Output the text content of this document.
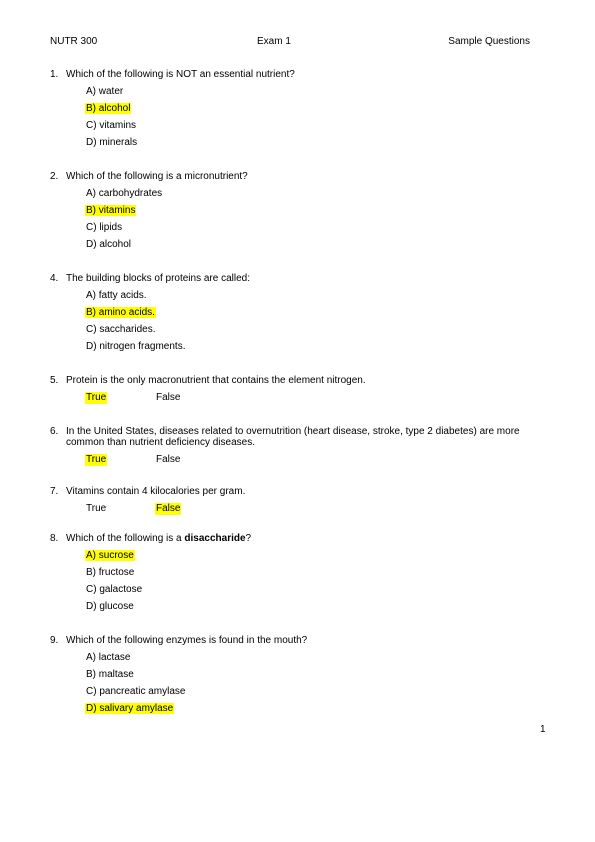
NUTR 300	Exam 1	Sample Questions
1. Which of the following is NOT an essential nutrient?
A) water
B) alcohol
C) vitamins
D) minerals
2. Which of the following is a micronutrient?
A) carbohydrates
B) vitamins
C) lipids
D) alcohol
4. The building blocks of proteins are called:
A) fatty acids.
B) amino acids.
C) saccharides.
D) nitrogen fragments.
5. Protein is the only macronutrient that contains the element nitrogen.
True	False
6. In the United States, diseases related to overnutrition (heart disease, stroke, type 2 diabetes) are more common than nutrient deficiency diseases.
True	False
7. Vitamins contain 4 kilocalories per gram.
True	False
8. Which of the following is a disaccharide?
A) sucrose
B) fructose
C) galactose
D) glucose
9. Which of the following enzymes is found in the mouth?
A) lactase
B) maltase
C) pancreatic amylase
D) salivary amylase
1
